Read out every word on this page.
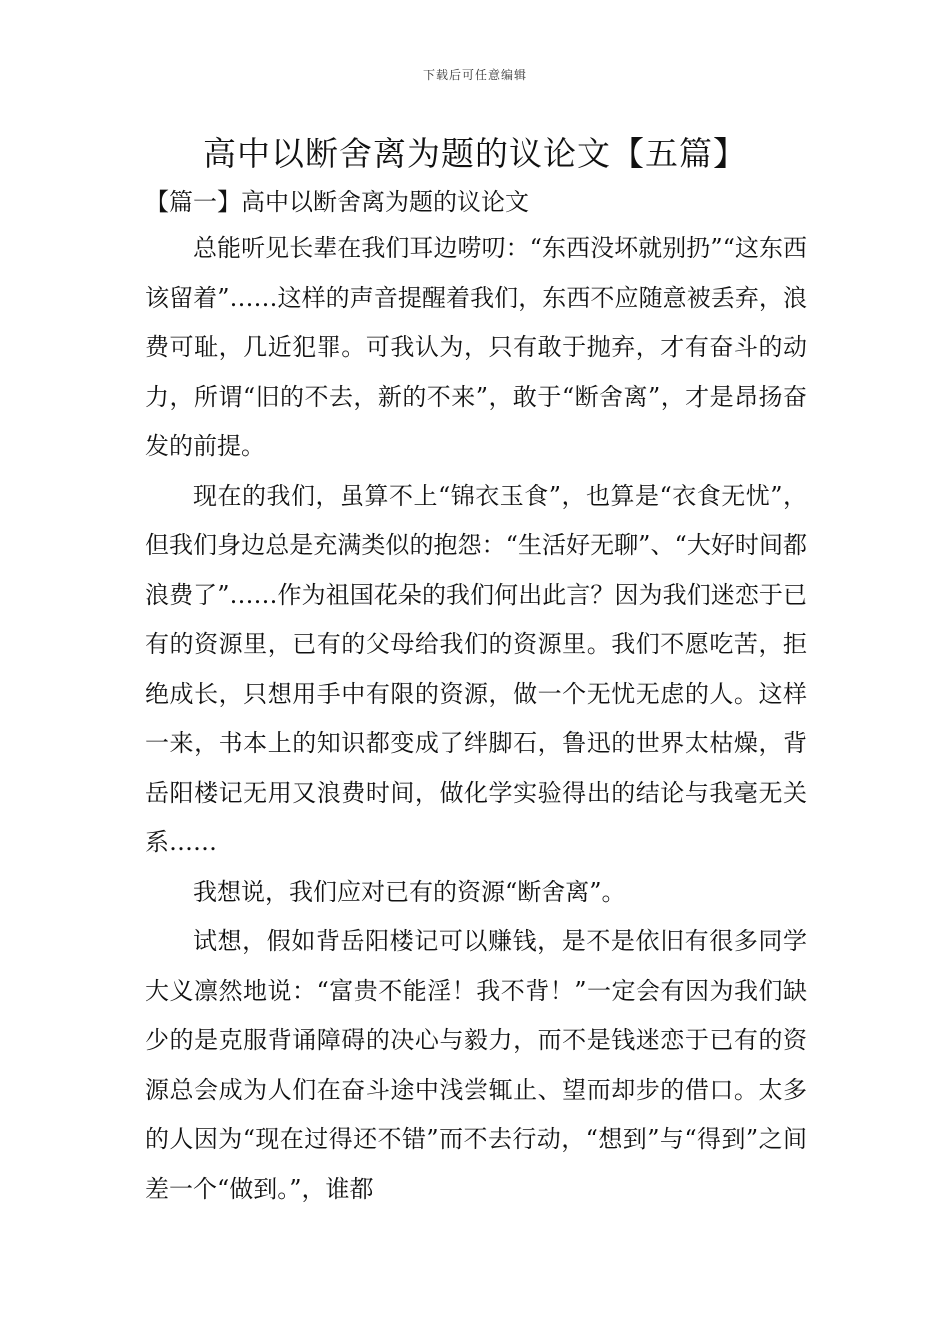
下载后可任意编辑
高中以断舍离为题的议论文【五篇】
【篇一】高中以断舍离为题的议论文

总能听见长辈在我们耳边唠叨：“东西没坏就别扔”“这东西该留着”……这样的声音提醒着我们，东西不应随意被丢弃，浪费可耻，几近犯罪。可我认为，只有敢于抛弃，才有奋斗的动力，所谓“旧的不去，新的不来”，敢于“断舍离”，才是昂扬奋发的前提。

现在的我们，虽算不上“锦衣玉食”，也算是“衣食无忧”，但我们身边总是充满类似的抱怨：“生活好无聊”、“大好时间都浪费了”……作为祖国花朵的我们何出此言？因为我们迷恋于已有的资源里，已有的父母给我们的资源里。我们不愿吃苦，拒绝成长，只想用手中有限的资源，做一个无忧无虑的人。这样一来，书本上的知识都变成了绊脚石，鲁迅的世界太枯燥，背岳阳楼记无用又浪费时间，做化学实验得出的结论与我毫无关系……

我想说，我们应对已有的资源“断舍离”。

试想，假如背岳阳楼记可以赚钱，是不是依旧有很多同学大义凛然地说：“富贵不能淫！我不背！”一定会有因为我们缺少的是克服背诵障碍的决心与毅力，而不是钱迷恋于已有的资源总会成为人们在奋斗途中浅尝辄止、望而却步的借口。太多的人因为“现在过得还不错”而不去行动，“想到”与“得到”之间差一个“做到。”，谁都
